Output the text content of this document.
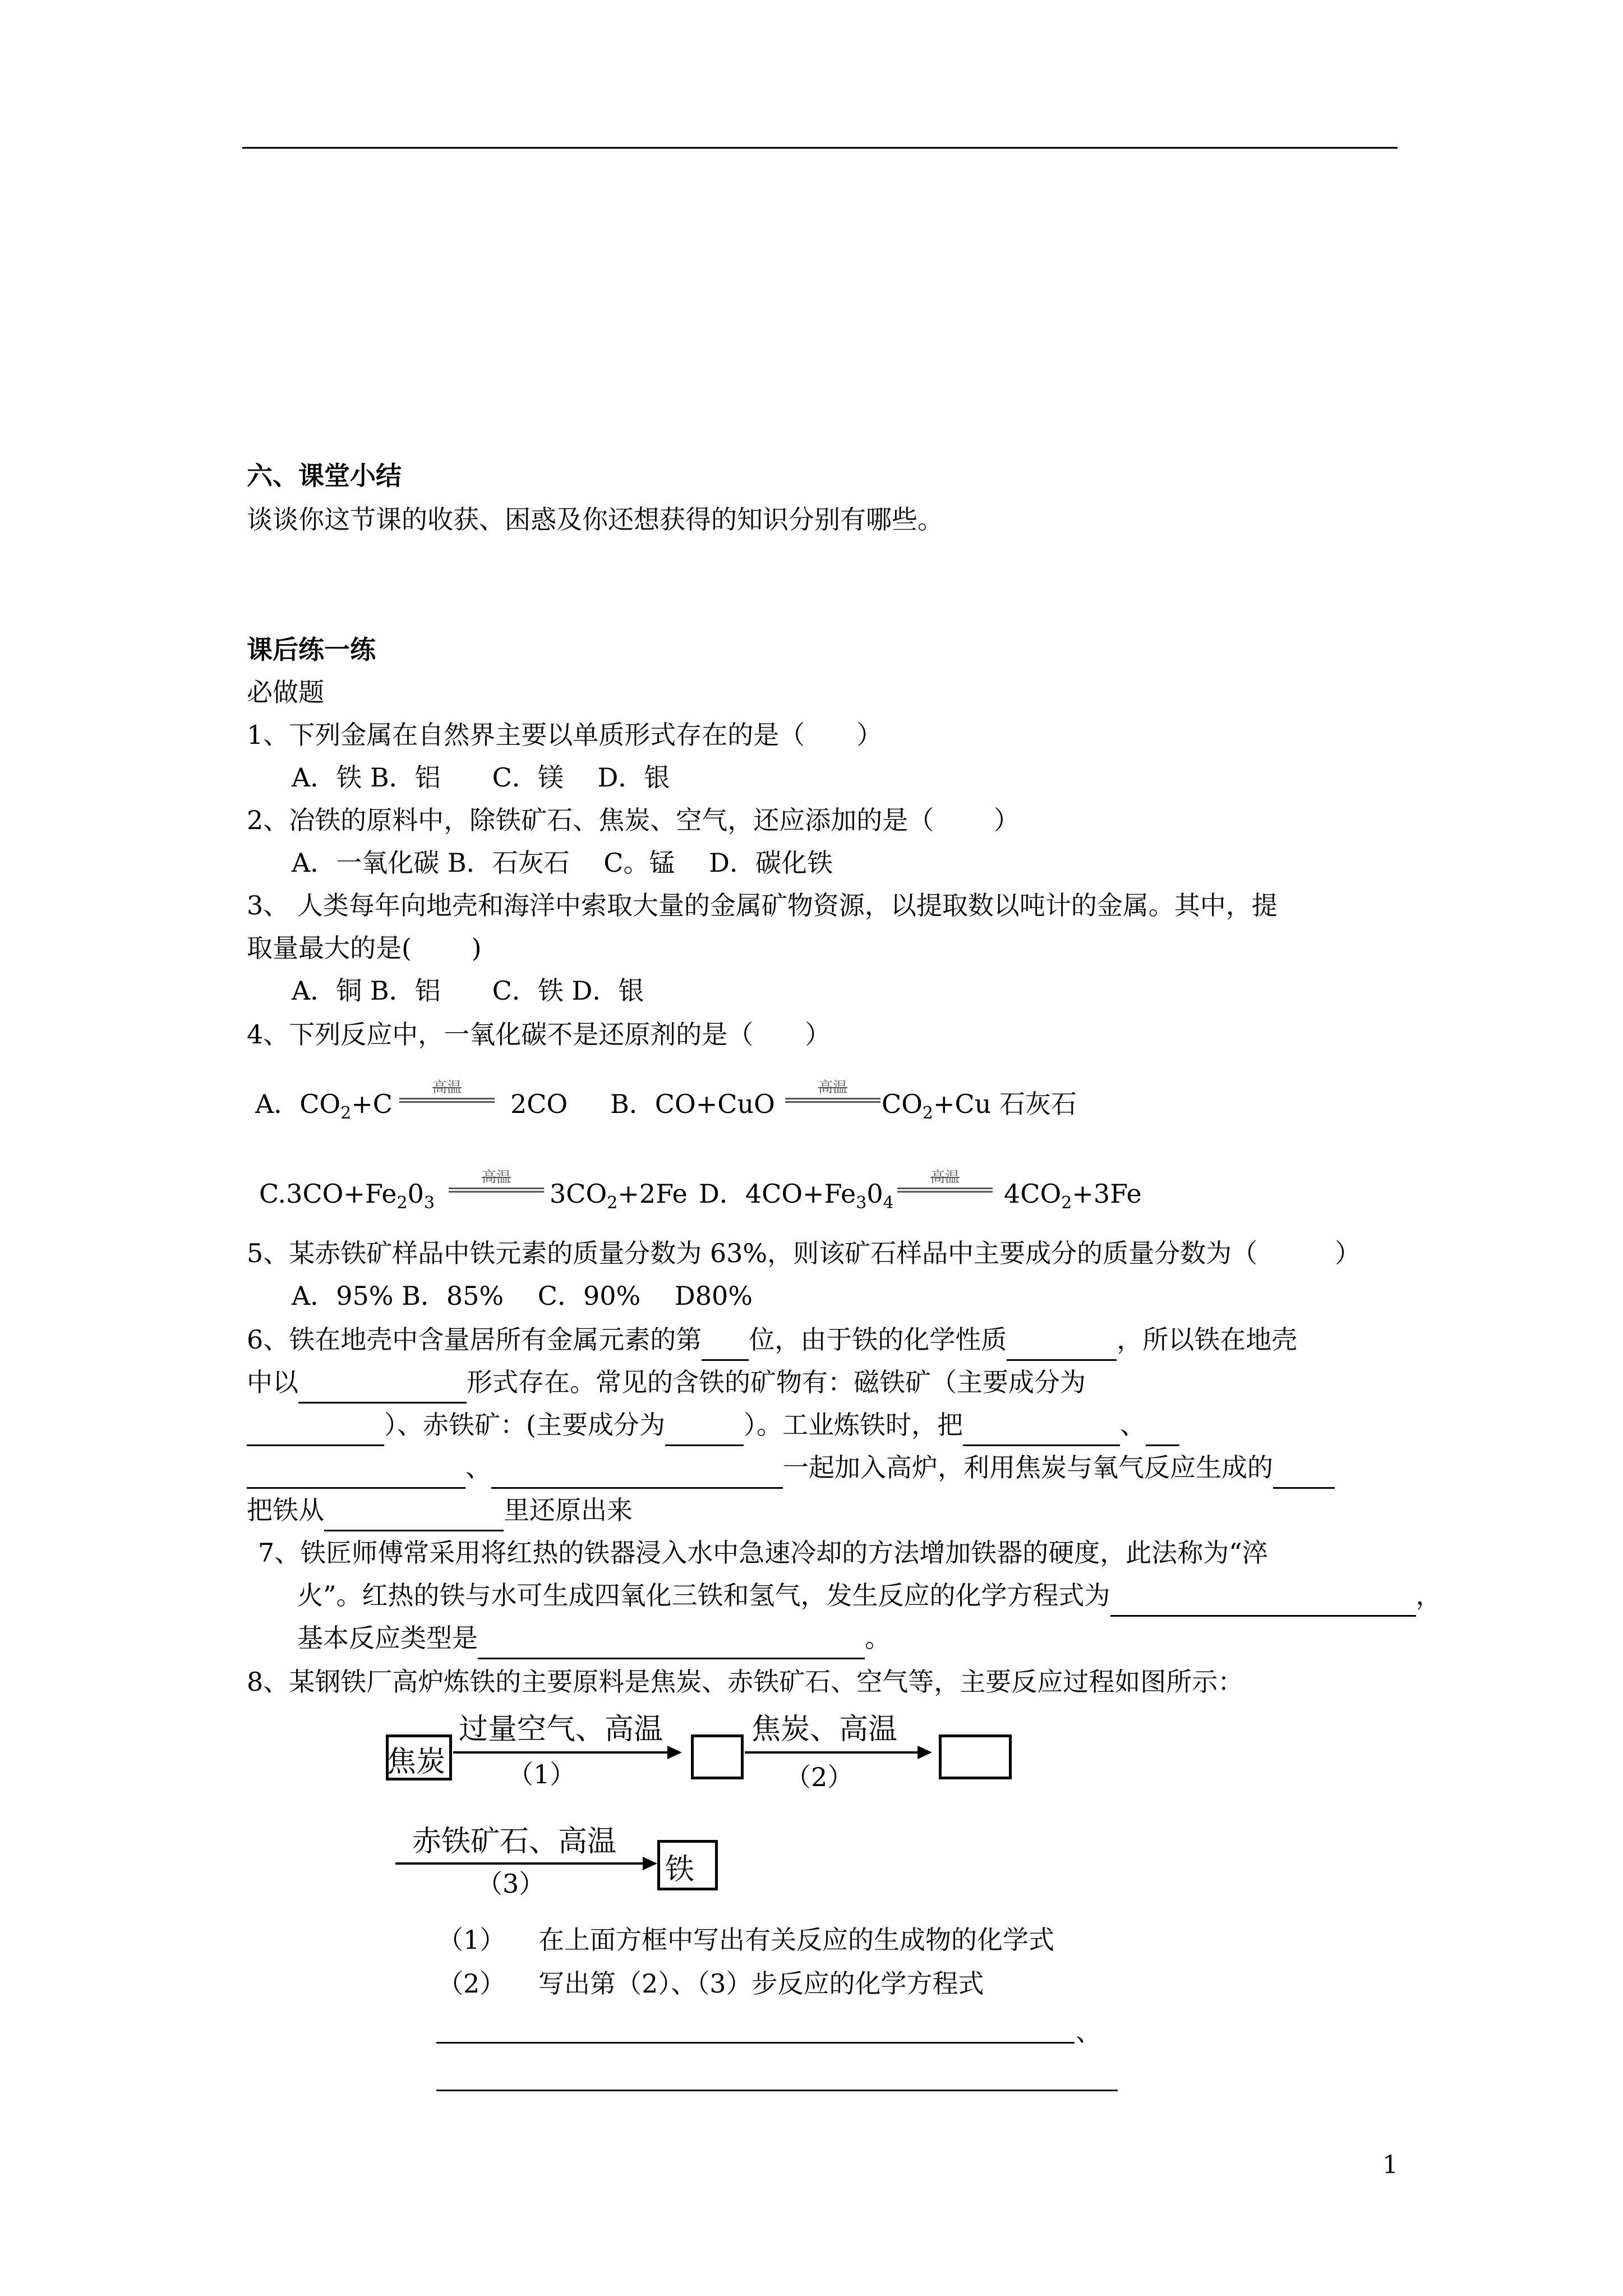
六、课堂小结
谈谈你这节课的收获、困惑及你还想获得的知识分别有哪些。
课后练一练
必做题
1、下列金属在自然界主要以单质形式存在的是（　　）
A．铁 B．铝　　C．镁　 D．银
2、冶铁的原料中，除铁矿石、焦炭、空气，还应添加的是（　　 ）
A．一氧化碳 B．石灰石　 C。锰　 D．碳化铁
3、 人类每年向地壳和海洋中索取大量的金属矿物资源，以提取数以吨计的金属。其中，提
取量最大的是(　　 )
A．铜 B．铝　　C．铁 D．银
4、下列反应中，一氧化碳不是还原剂的是（　　）
A．$CO_2+C$
高温
2CO B．CO+CuO
高温
$CO_2+Cu$ 石灰石
$C.3CO+Fe_20_3$
高温
$3CO_2+2Fe$ D．$4CO+Fe_30_4$
高温
$4CO_2+3Fe$
5、某赤铁矿样品中铁元素的质量分数为 63%，则该矿石样品中主要成分的质量分数为（　　　）
A．95% B．85%　 C．90%　 D80%
6、铁在地壳中含量居所有金属元素的第 位，由于铁的化学性质	，所以铁在地壳
中以	形式存在。常见的含铁的矿物有：磁铁矿（主要成分为
）、赤铁矿：(主要成分为	）。工业炼铁时，把	、
、	一起加入高炉，利用焦炭与氧气反应生成的
把铁从	里还原出来
7、铁匠师傅常采用将红热的铁器浸入水中急速冷却的方法增加铁器的硬度，此法称为“淬
火”。红热的铁与水可生成四氧化三铁和氢气，发生反应的化学方程式为	，
基本反应类型是	。
8、某钢铁厂高炉炼铁的主要原料是焦炭、赤铁矿石、空气等，主要反应过程如图所示：
焦炭
过量空气、高温
（1）
焦炭、高温
（2）
赤铁矿石、高温
（3）	铁
（1） 在上面方框中写出有关反应的生成物的化学式
（2） 写出第（2）、（3）步反应的化学方程式
、
1
